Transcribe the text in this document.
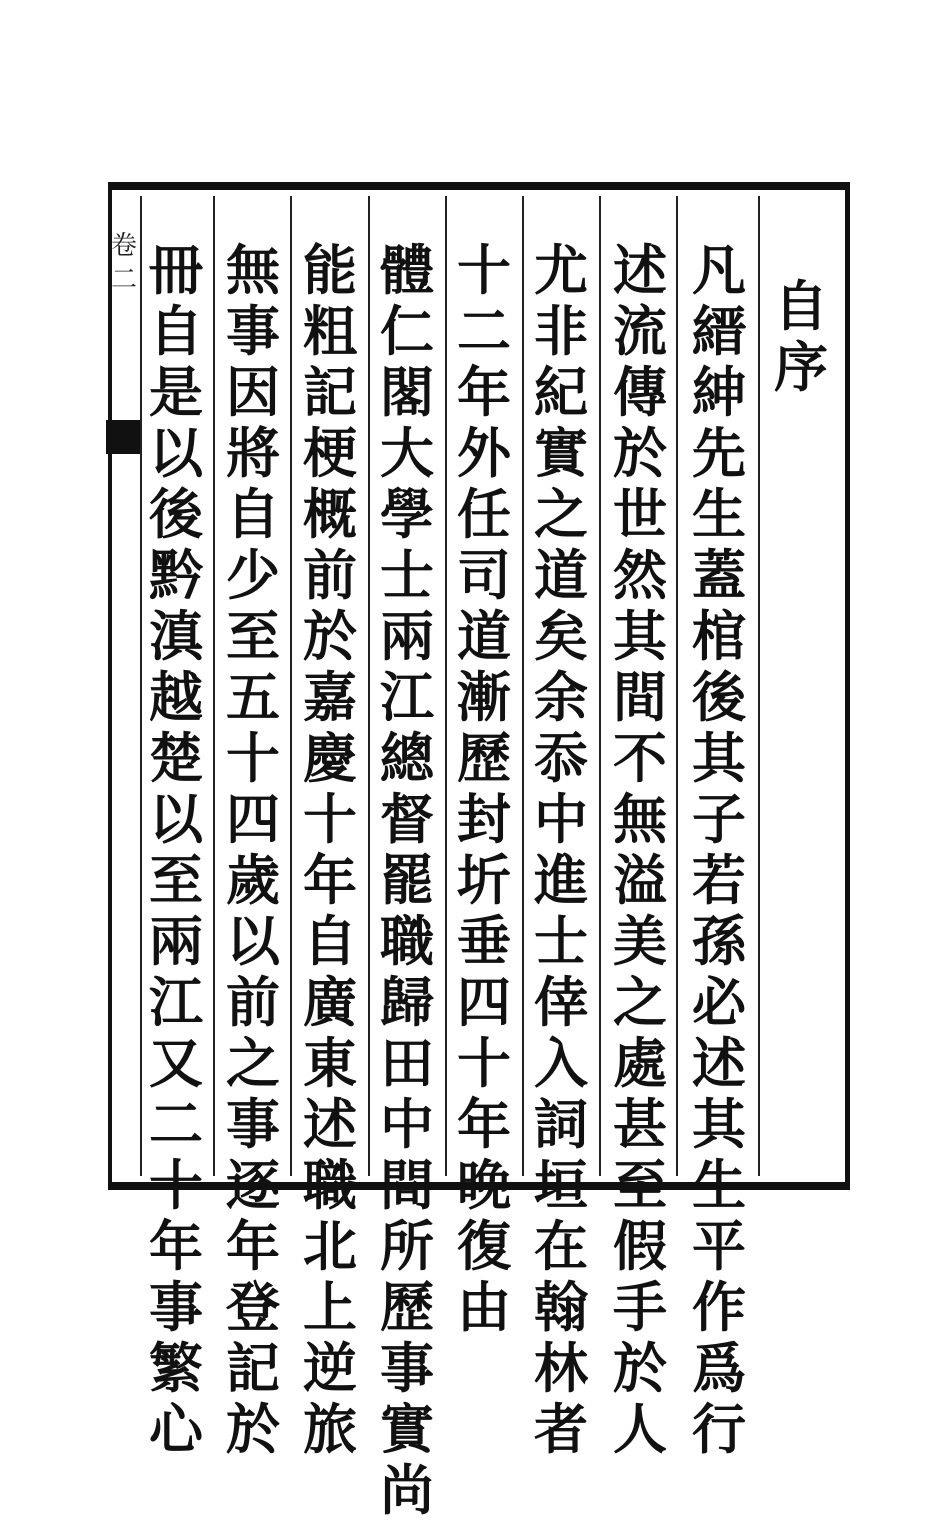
卷
二	自
序
凡
縉
紳
先
生
蓋
棺
後
其
子
若
孫
必
述
其
生
平
作
爲
行
述
流
傳
於
世
然
其
間
不
無
溢
美
之
處
甚
至
假
手
於
人
尤
非
紀
實
之
道
矣
余
忝
中
進
士
倖
入
詞
垣
在
翰
林
者
十
二
年
外
任
司
道
漸
歷
封
圻
垂
四
十
年
晚
復
由
體
仁
閣
大
學
士
兩
江
總
督
罷
職
歸
田
中
間
所
歷
事
實
尚
能
粗
記
梗
概
前
於
嘉
慶
十
年
自
廣
東
述
職
北
上
逆
旅
無
事
因
將
自
少
至
五
十
四
歲
以
前
之
事
逐
年
登
記
於
冊
自
是
以
後
黔
滇
越
楚
以
至
兩
江
又
二
十
年
事
繁
心
